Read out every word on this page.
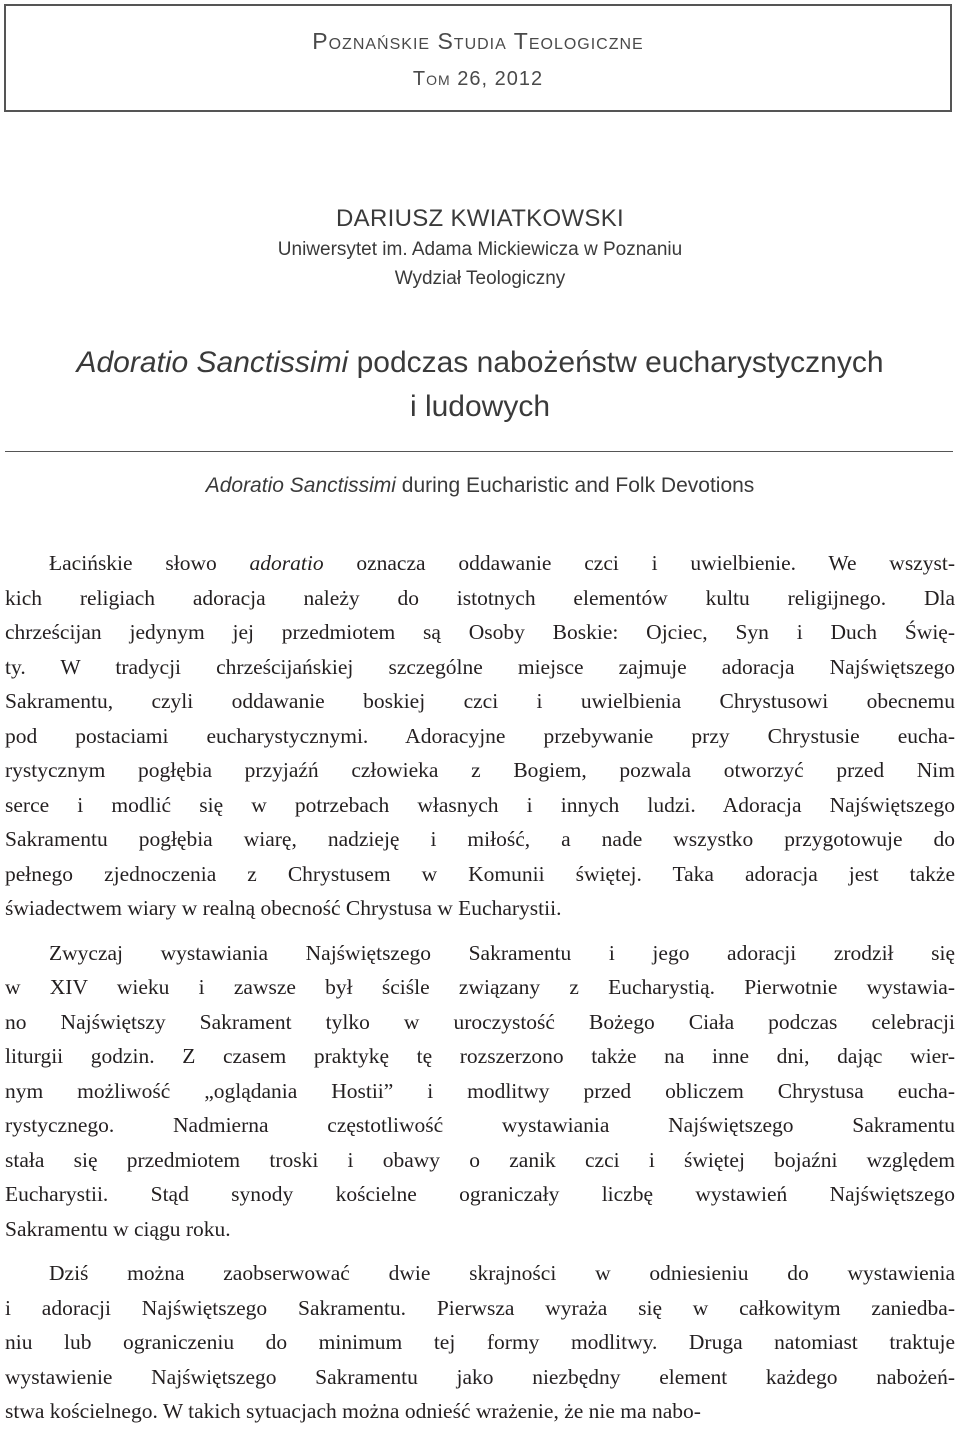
Poznańskie Studia Teologiczne
Tom 26, 2012
DARIUSZ KWIATKOWSKI
Uniwersytet im. Adama Mickiewicza w Poznaniu
Wydział Teologiczny
Adoratio Sanctissimi podczas nabożeństw eucharystycznych
i ludowych
Adoratio Sanctissimi during Eucharistic and Folk Devotions
Łacińskie słowo adoratio oznacza oddawanie czci i uwielbienie. We wszyst-
kich religiach adoracja należy do istotnych elementów kultu religijnego. Dla
chrześcijan jedynym jej przedmiotem są Osoby Boskie: Ojciec, Syn i Duch Świę-
ty. W tradycji chrześcijańskiej szczególne miejsce zajmuje adoracja Najświętszego
Sakramentu, czyli oddawanie boskiej czci i uwielbienia Chrystusowi obecnemu
pod postaciami eucharystycznymi. Adoracyjne przebywanie przy Chrystusie eucha-
rystycznym pogłębia przyjaźń człowieka z Bogiem, pozwala otworzyć przed Nim
serce i modlić się w potrzebach własnych i innych ludzi. Adoracja Najświętszego
Sakramentu pogłębia wiarę, nadzieję i miłość, a nade wszystko przygotowuje do
pełnego zjednoczenia z Chrystusem w Komunii świętej. Taka adoracja jest także
świadectwem wiary w realną obecność Chrystusa w Eucharystii.
Zwyczaj wystawiania Najświętszego Sakramentu i jego adoracji zrodził się
w XIV wieku i zawsze był ściśle związany z Eucharystią. Pierwotnie wystawia-
no Najświętszy Sakrament tylko w uroczystość Bożego Ciała podczas celebracji
liturgii godzin. Z czasem praktykę tę rozszerzono także na inne dni, dając wier-
nym możliwość „oglądania Hostii” i modlitwy przed obliczem Chrystusa eucha-
rystycznego. Nadmierna częstotliwość wystawiania Najświętszego Sakramentu
stała się przedmiotem troski i obawy o zanik czci i świętej bojaźni względem
Eucharystii. Stąd synody kościelne ograniczały liczbę wystawień Najświętszego
Sakramentu w ciągu roku.
Dziś można zaobserwować dwie skrajności w odniesieniu do wystawienia
i adoracji Najświętszego Sakramentu. Pierwsza wyraża się w całkowitym zaniedba-
niu lub ograniczeniu do minimum tej formy modlitwy. Druga natomiast traktuje
wystawienie Najświętszego Sakramentu jako niezbędny element każdego nabożeń-
stwa kościelnego. W takich sytuacjach można odnieść wrażenie, że nie ma nabo-
